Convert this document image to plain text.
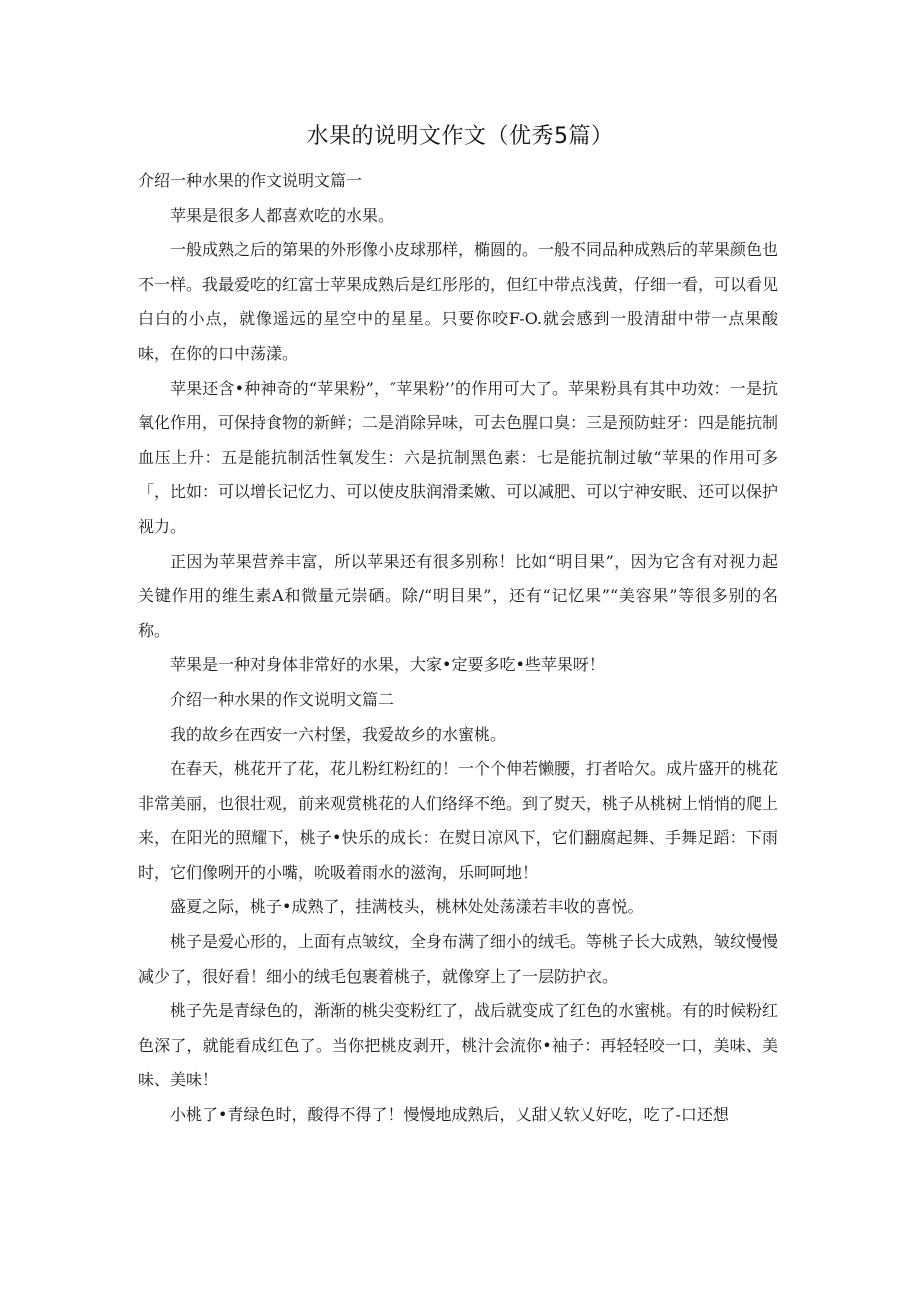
水果的说明文作文（优秀5篇）

介绍一种水果的作文说明文篇一

苹果是很多人都喜欢吃的水果。

一般成熟之后的第果的外形像小皮球那样，椭圆的。一般不同品种成熟后的苹果颜色也不一样。我最爱吃的红富士苹果成熟后是红彤彤的，但红中带点浅黄，仔细一看，可以看见白白的小点，就像遥远的星空中的星星。只要你咬F-O.就会感到一股清甜中带一点果酸味，在你的口中荡漾。

苹果还含•种神奇的“苹果粉”，″苹果粉’’的作用可大了。苹果粉具有其中功效：一是抗氧化作用，可保持食物的新鲜；二是消除异味，可去色腥口臭：三是预防蛀牙：四是能抗制血压上升：五是能抗制活性氧发生：六是抗制黑色素：七是能抗制过敏“苹果的作用可多「，比如：可以增长记忆力、可以使皮肤润滑柔嫩、可以减肥、可以宁神安眠、还可以保护视力。

正因为苹果营养丰富，所以苹果还有很多别称！比如“明目果”，因为它含有对视力起关键作用的维生素A和微量元崇硒。除/“明目果”，还有“记忆果”“美容果”等很多别的名称。

苹果是一种对身体非常好的水果，大家•定要多吃•些苹果呀！

介绍一种水果的作文说明文篇二

我的故乡在西安一六村堡，我爱故乡的水蜜桃。

在春天，桃花开了花，花儿粉红粉红的！一个个伸若懒腰，打者哈欠。成片盛开的桃花非常美丽，也很壮观，前来观赏桃花的人们络绎不绝。到了熨天，桃子从桃树上悄悄的爬上来，在阳光的照耀下，桃子•快乐的成长：在熨日凉风下，它们翻腐起舞、手舞足蹈：下雨时，它们像咧开的小嘴，吮吸着雨水的滋洵，乐呵呵地！

盛夏之际，桃子•成熟了，挂满枝头，桃林处处荡漾若丰收的喜悦。

桃子是爱心形的，上面有点皱纹，全身布满了细小的绒毛。等桃子长大成熟，皱纹慢慢减少了，很好看！细小的绒毛包裹着桃子，就像穿上了一层防护衣。

桃子先是青绿色的，渐渐的桃尖变粉红了，战后就变成了红色的水蜜桃。有的时候粉红色深了，就能看成红色了。当你把桃皮剥开，桃汁会流你•袖子：再轻轻咬一口，美味、美味、美味！

小桃了•青绿色时，酸得不得了！慢慢地成熟后，乂甜乂软乂好吃，吃了-口还想
